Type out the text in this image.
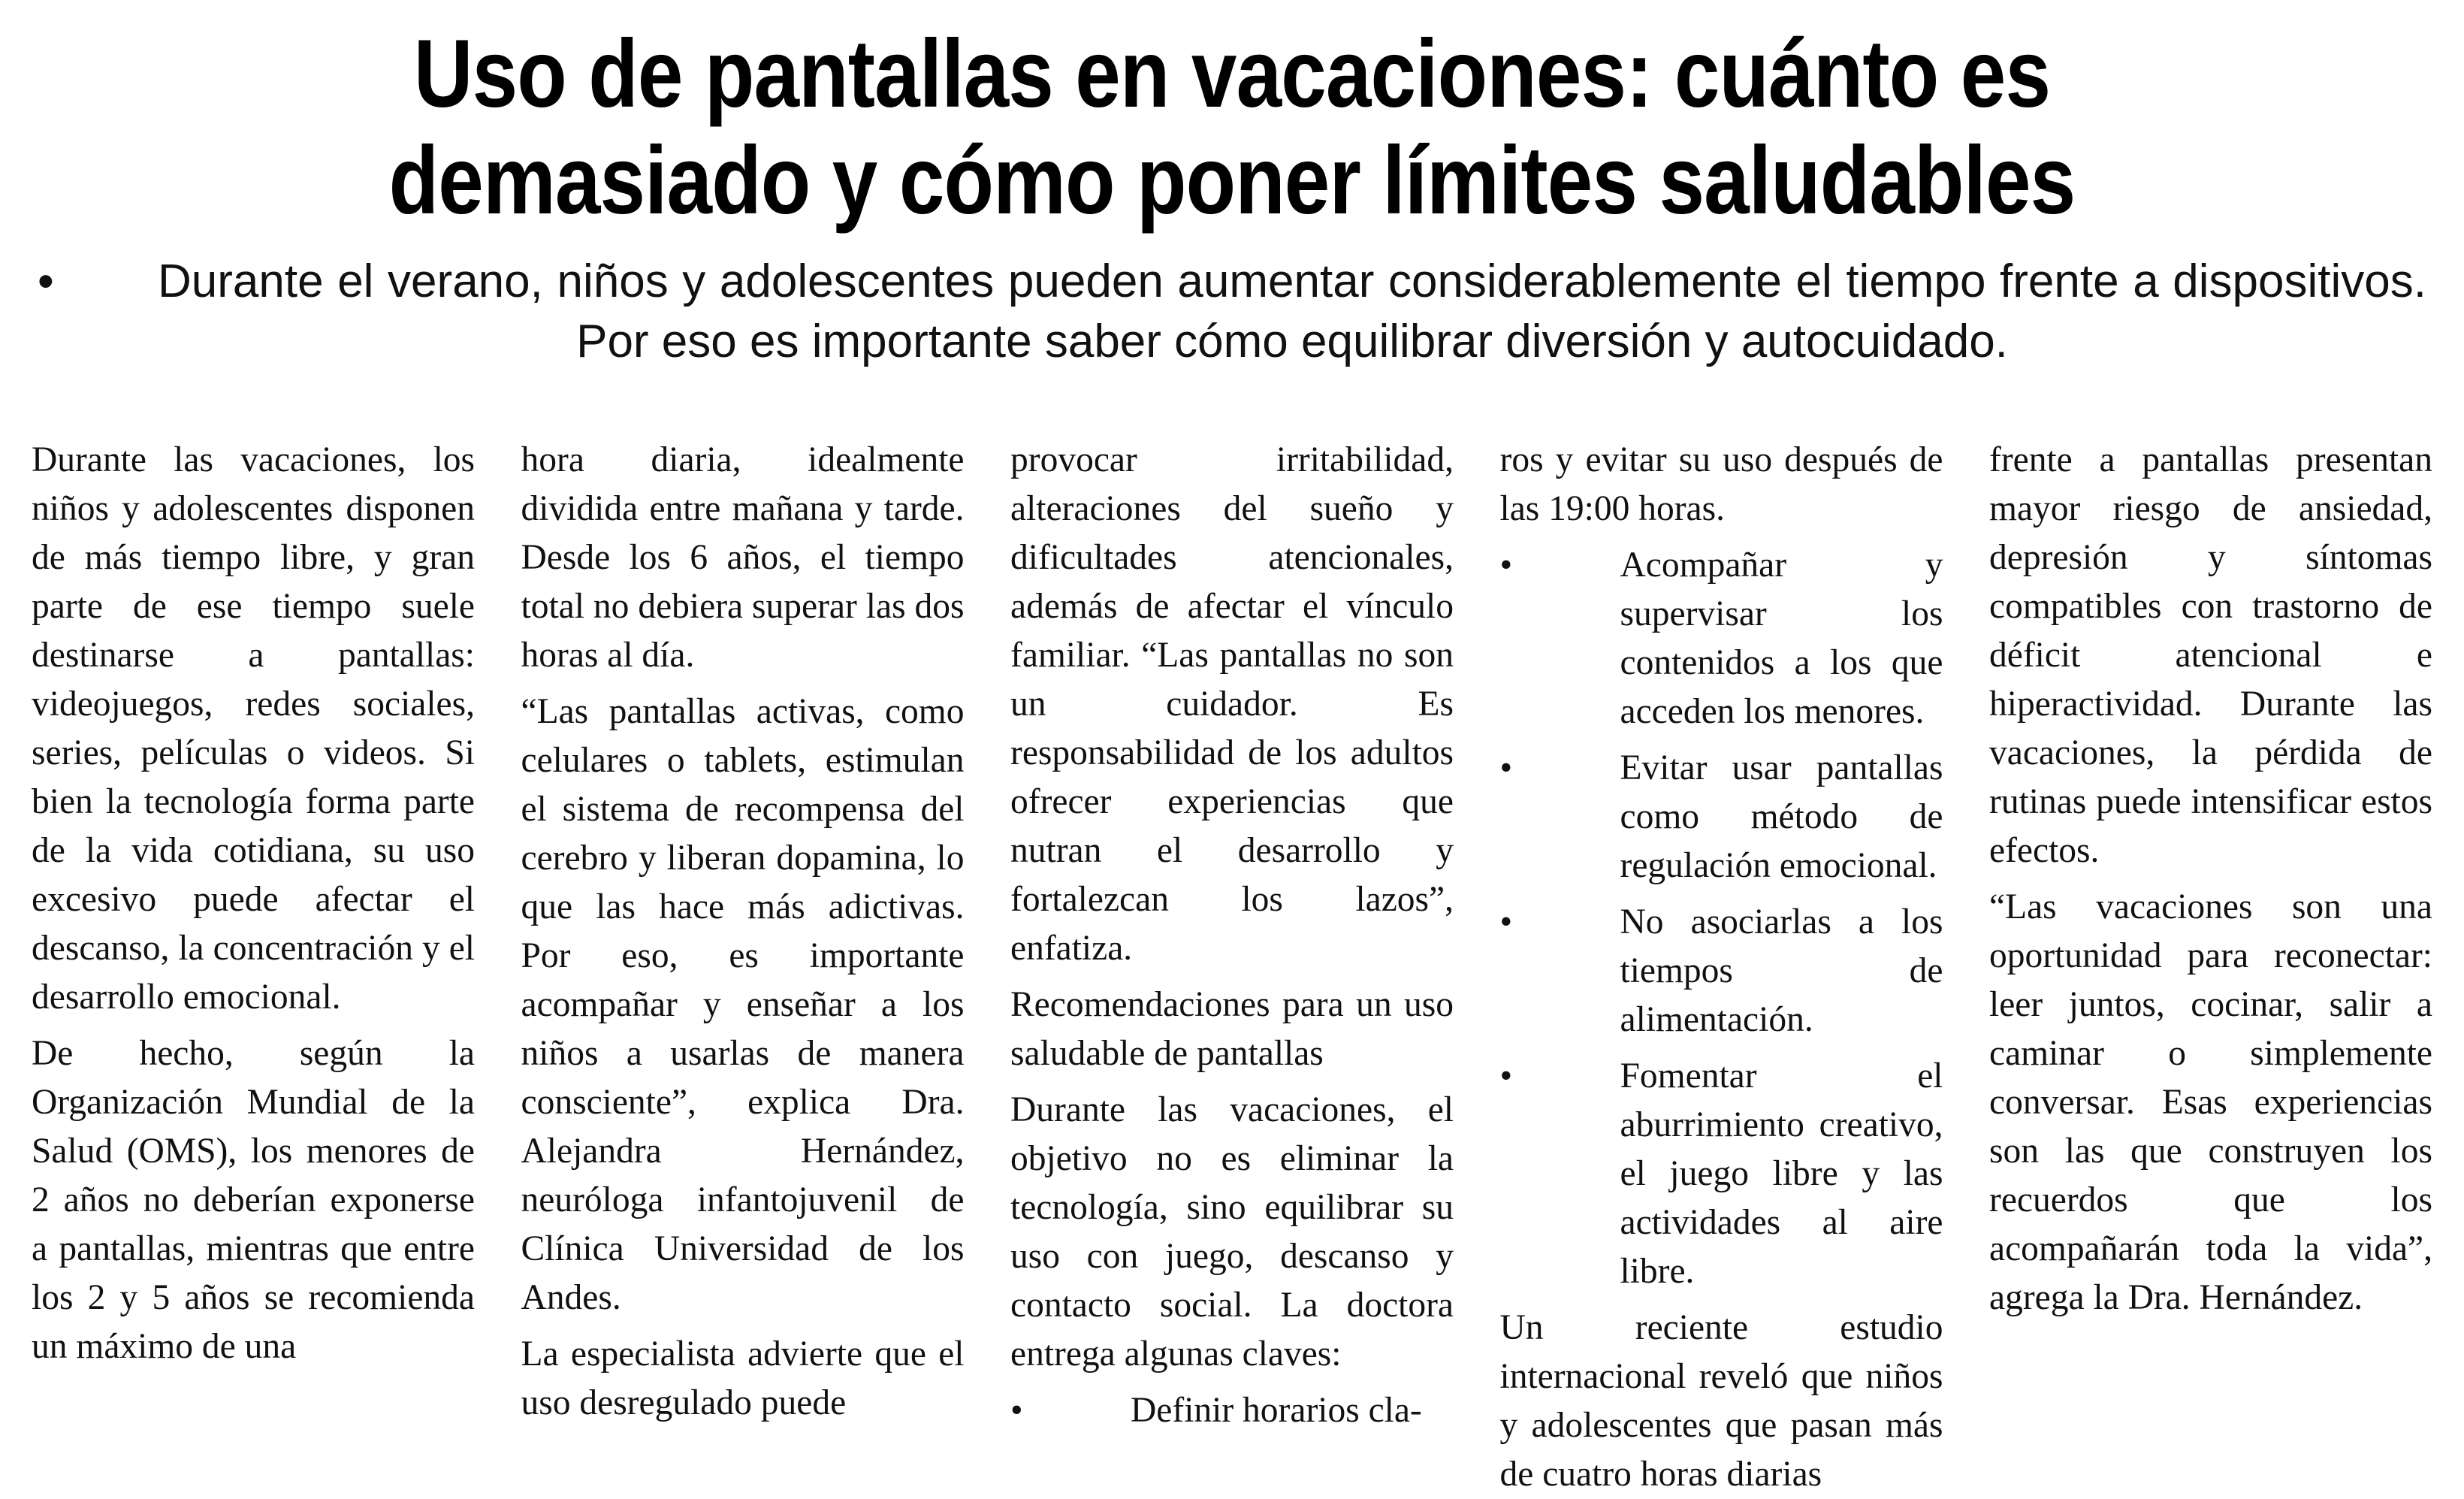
Uso de pantallas en vacaciones: cuánto es demasiado y cómo poner límites saludables
• Durante el verano, niños y adolescentes pueden aumentar considerablemente el tiempo frente a dispositivos. Por eso es importante saber cómo equilibrar diversión y autocuidado.

Durante las vacaciones, los niños y adolescentes disponen de más tiempo libre, y gran parte de ese tiempo suele destinarse a pantallas: videojuegos, redes sociales, series, películas o videos. Si bien la tecnología forma parte de la vida cotidiana, su uso excesivo puede afectar el descanso, la concentración y el desarrollo emocional.

De hecho, según la Organización Mundial de la Salud (OMS), los menores de 2 años no deberían exponerse a pantallas, mientras que entre los 2 y 5 años se recomienda un máximo de una

hora diaria, idealmente dividida entre mañana y tarde. Desde los 6 años, el tiempo total no debiera superar las dos horas al día.

“Las pantallas activas, como celulares o tablets, estimulan el sistema de recompensa del cerebro y liberan dopamina, lo que las hace más adictivas. Por eso, es importante acompañar y enseñar a los niños a usarlas de manera consciente”, explica Dra. Alejandra Hernández, neuróloga infantojuvenil de Clínica Universidad de los Andes.

La especialista advierte que el uso desregulado puede

provocar irritabilidad, alteraciones del sueño y dificultades atencionales, además de afectar el vínculo familiar. “Las pantallas no son un cuidador. Es responsabilidad de los adultos ofrecer experiencias que nutran el desarrollo y fortalezcan los lazos”, enfatiza.

Recomendaciones para un uso saludable de pantallas

Durante las vacaciones, el objetivo no es eliminar la tecnología, sino equilibrar su uso con juego, descanso y contacto social. La doctora entrega algunas claves:

•	Definir horarios cla-

ros y evitar su uso después de las 19:00 horas.

•	Acompañar y supervisar los contenidos a los que acceden los menores.
•	Evitar usar pantallas como método de regulación emocional.
•	No asociarlas a los tiempos de alimentación.
•	Fomentar el aburrimiento creativo, el juego libre y las actividades al aire libre.

Un reciente estudio internacional reveló que niños y adolescentes que pasan más de cuatro horas diarias

frente a pantallas presentan mayor riesgo de ansiedad, depresión y síntomas compatibles con trastorno de déficit atencional e hiperactividad. Durante las vacaciones, la pérdida de rutinas puede intensificar estos efectos.

“Las vacaciones son una oportunidad para reconectar: leer juntos, cocinar, salir a caminar o simplemente conversar. Esas experiencias son las que construyen los recuerdos que los acompañarán toda la vida”, agrega la Dra. Hernández.
